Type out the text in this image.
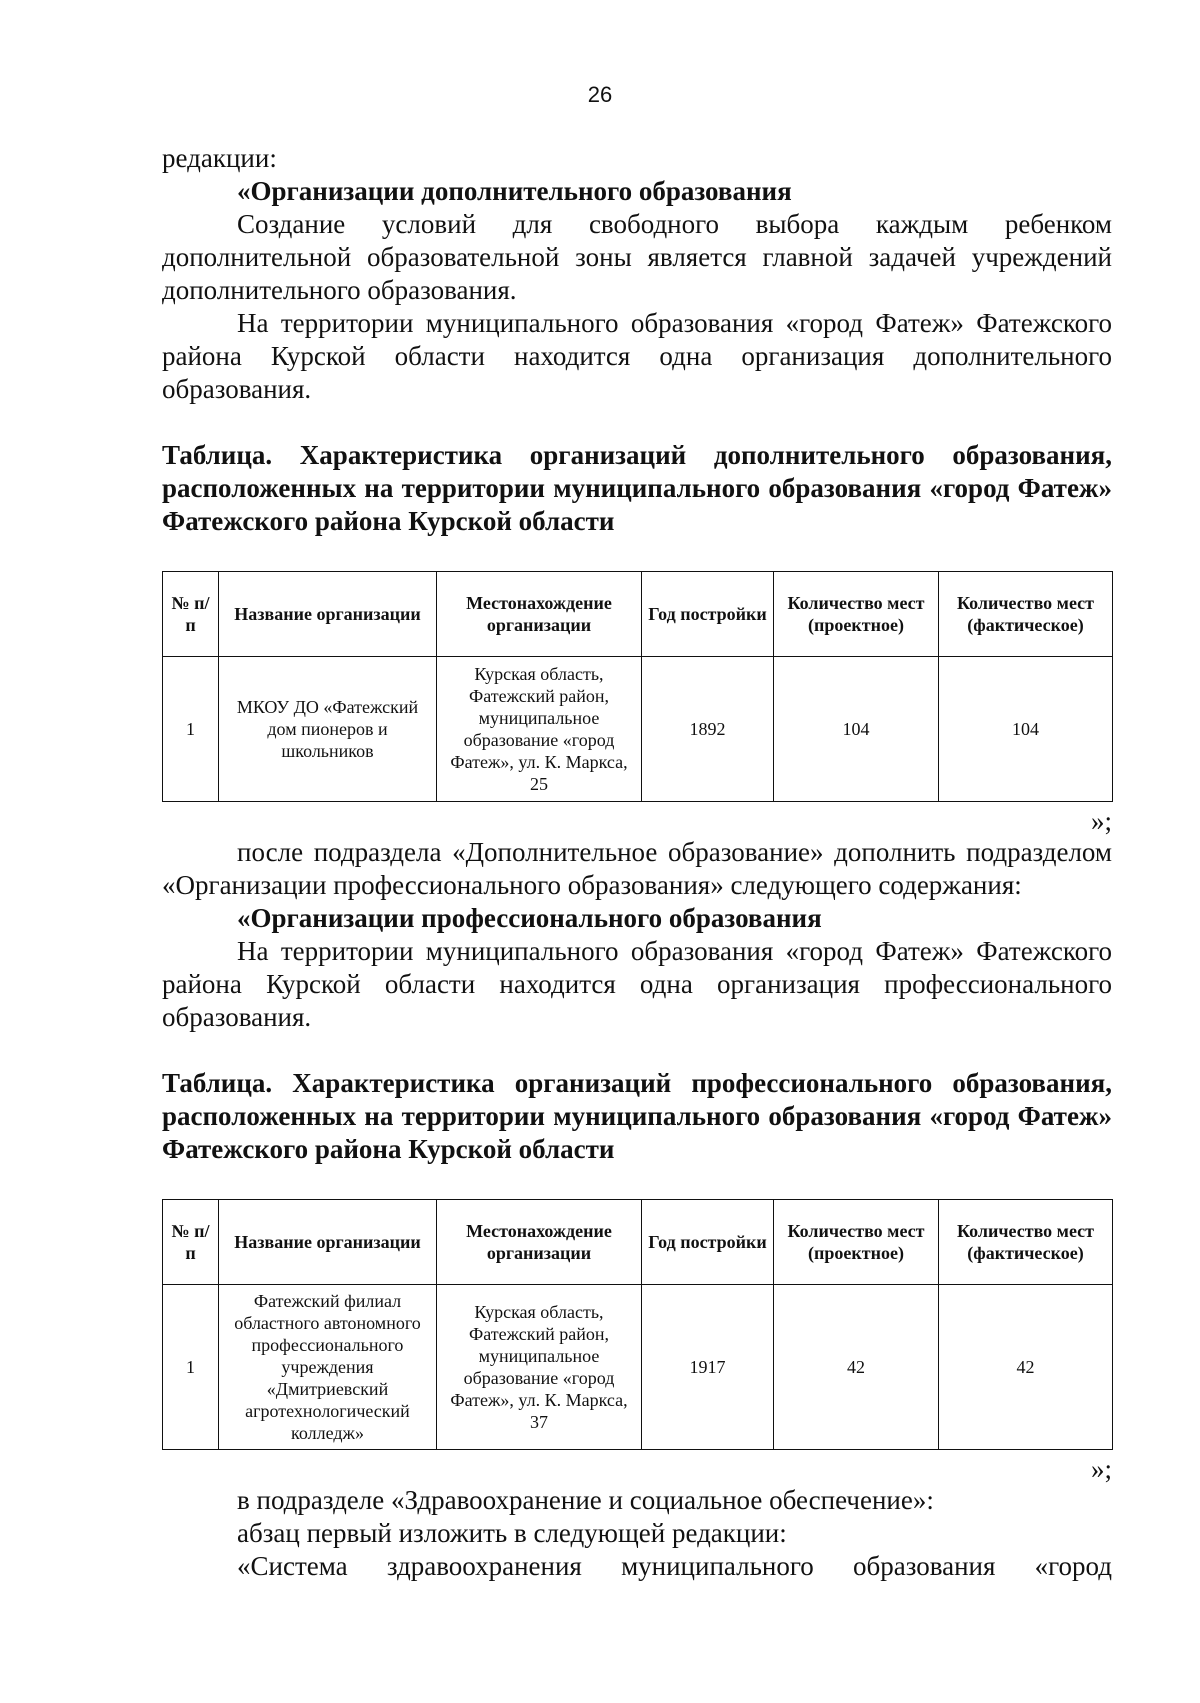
26

редакции:

«Организации дополнительного образования

Создание условий для свободного выбора каждым ребенком дополнительной образовательной зоны является главной задачей учреждений дополнительного образования.

На территории муниципального образования «город Фатеж» Фатежского района Курской области находится одна организация дополнительного образования.

Таблица. Характеристика организаций дополнительного образования, расположенных на территории муниципального образования «город Фатеж» Фатежского района Курской области

№ п/п	Название организации	Местонахождение организации	Год постройки	Количество мест (проектное)	Количество мест (фактическое)
1	МКОУ ДО «Фатежский дом пионеров и школьников	Курская область, Фатежский район, муниципальное образование «город Фатеж», ул. К. Маркса, 25	1892	104	104

»;

после подраздела «Дополнительное образование» дополнить подразделом «Организации профессионального образования» следующего содержания:

«Организации профессионального образования

На территории муниципального образования «город Фатеж» Фатежского района Курской области находится одна организация профессионального образования.

Таблица. Характеристика организаций профессионального образования, расположенных на территории муниципального образования «город Фатеж» Фатежского района Курской области

№ п/п	Название организации	Местонахождение организации	Год постройки	Количество мест (проектное)	Количество мест (фактическое)
1	Фатежский филиал областного автономного профессионального учреждения «Дмитриевский агротехнологический колледж»	Курская область, Фатежский район, муниципальное образование «город Фатеж», ул. К. Маркса, 37	1917	42	42

»;

в подразделе «Здравоохранение и социальное обеспечение»:

абзац первый изложить в следующей редакции:

«Система здравоохранения муниципального образования «город
